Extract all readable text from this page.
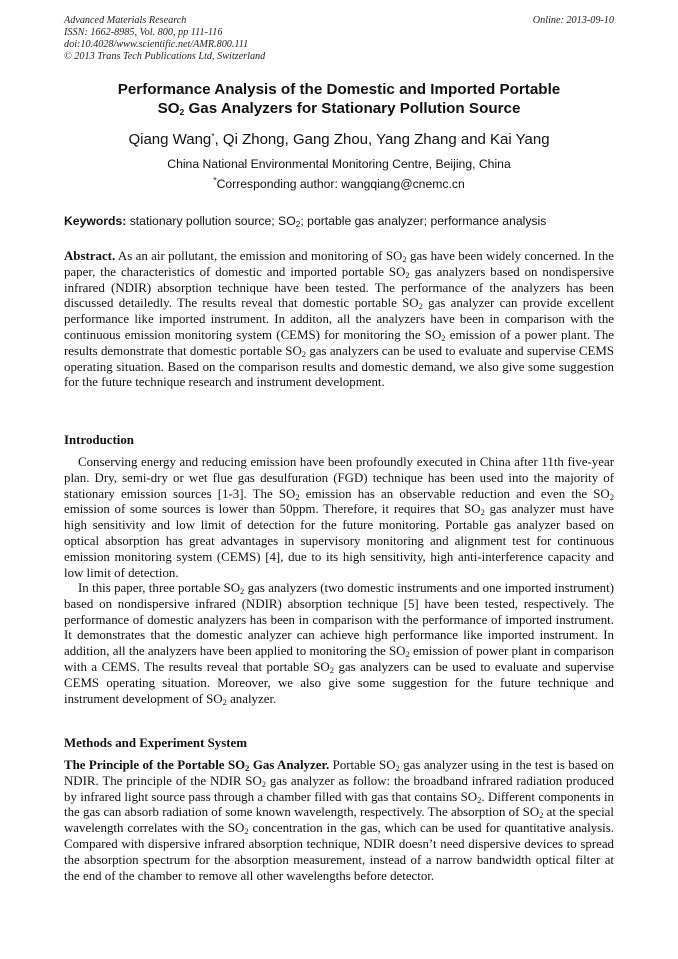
Advanced Materials Research
ISSN: 1662-8985, Vol. 800, pp 111-116
doi:10.4028/www.scientific.net/AMR.800.111
© 2013 Trans Tech Publications Ltd, Switzerland
Online: 2013-09-10
Performance Analysis of the Domestic and Imported Portable
$SO_2$ Gas Analyzers for Stationary Pollution Source
Qiang Wang*, Qi Zhong, Gang Zhou, Yang Zhang and Kai Yang
China National Environmental Monitoring Centre, Beijing, China
*Corresponding author: wangqiang@cnemc.cn
Keywords: stationary pollution source; $SO_2$; portable gas analyzer; performance analysis
Abstract. As an air pollutant, the emission and monitoring of $SO_2$ gas have been widely concerned. In the paper, the characteristics of domestic and imported portable $SO_2$ gas analyzers based on nondispersive infrared (NDIR) absorption technique have been tested. The performance of the analyzers has been discussed detailedly. The results reveal that domestic portable $SO_2$ gas analyzer can provide excellent performance like imported instrument. In additon, all the analyzers have been in comparison with the continuous emission monitoring system (CEMS) for monitoring the $SO_2$ emission of a power plant. The results demonstrate that domestic portable $SO_2$ gas analyzers can be used to evaluate and supervise CEMS operating situation. Based on the comparison results and domestic demand, we also give some suggestion for the future technique research and instrument development.
Introduction
Conserving energy and reducing emission have been profoundly executed in China after 11th five-year plan. Dry, semi-dry or wet flue gas desulfuration (FGD) technique has been used into the majority of stationary emission sources [1-3]. The $SO_2$ emission has an observable reduction and even the $SO_2$ emission of some sources is lower than 50ppm. Therefore, it requires that $SO_2$ gas analyzer must have high sensitivity and low limit of detection for the future monitoring. Portable gas analyzer based on optical absorption has great advantages in supervisory monitoring and alignment test for continuous emission monitoring system (CEMS) [4], due to its high sensitivity, high anti-interference capacity and low limit of detection.
In this paper, three portable $SO_2$ gas analyzers (two domestic instruments and one imported instrument) based on nondispersive infrared (NDIR) absorption technique [5] have been tested, respectively. The performance of domestic analyzers has been in comparison with the performance of imported instrument. It demonstrates that the domestic analyzer can achieve high performance like imported instrument. In addition, all the analyzers have been applied to monitoring the $SO_2$ emission of power plant in comparison with a CEMS. The results reveal that portable $SO_2$ gas analyzers can be used to evaluate and supervise CEMS operating situation. Moreover, we also give some suggestion for the future technique and instrument development of $SO_2$ analyzer.
Methods and Experiment System
The Principle of the Portable $SO_2$ Gas Analyzer. Portable $SO_2$ gas analyzer using in the test is based on NDIR. The principle of the NDIR $SO_2$ gas analyzer as follow: the broadband infrared radiation produced by infrared light source pass through a chamber filled with gas that contains $SO_2$. Different components in the gas can absorb radiation of some known wavelength, respectively. The absorption of $SO_2$ at the special wavelength correlates with the $SO_2$ concentration in the gas, which can be used for quantitative analysis. Compared with dispersive infrared absorption technique, NDIR doesn’t need dispersive devices to spread the absorption spectrum for the absorption measurement, instead of a narrow bandwidth optical filter at the end of the chamber to remove all other wavelengths before detector.
